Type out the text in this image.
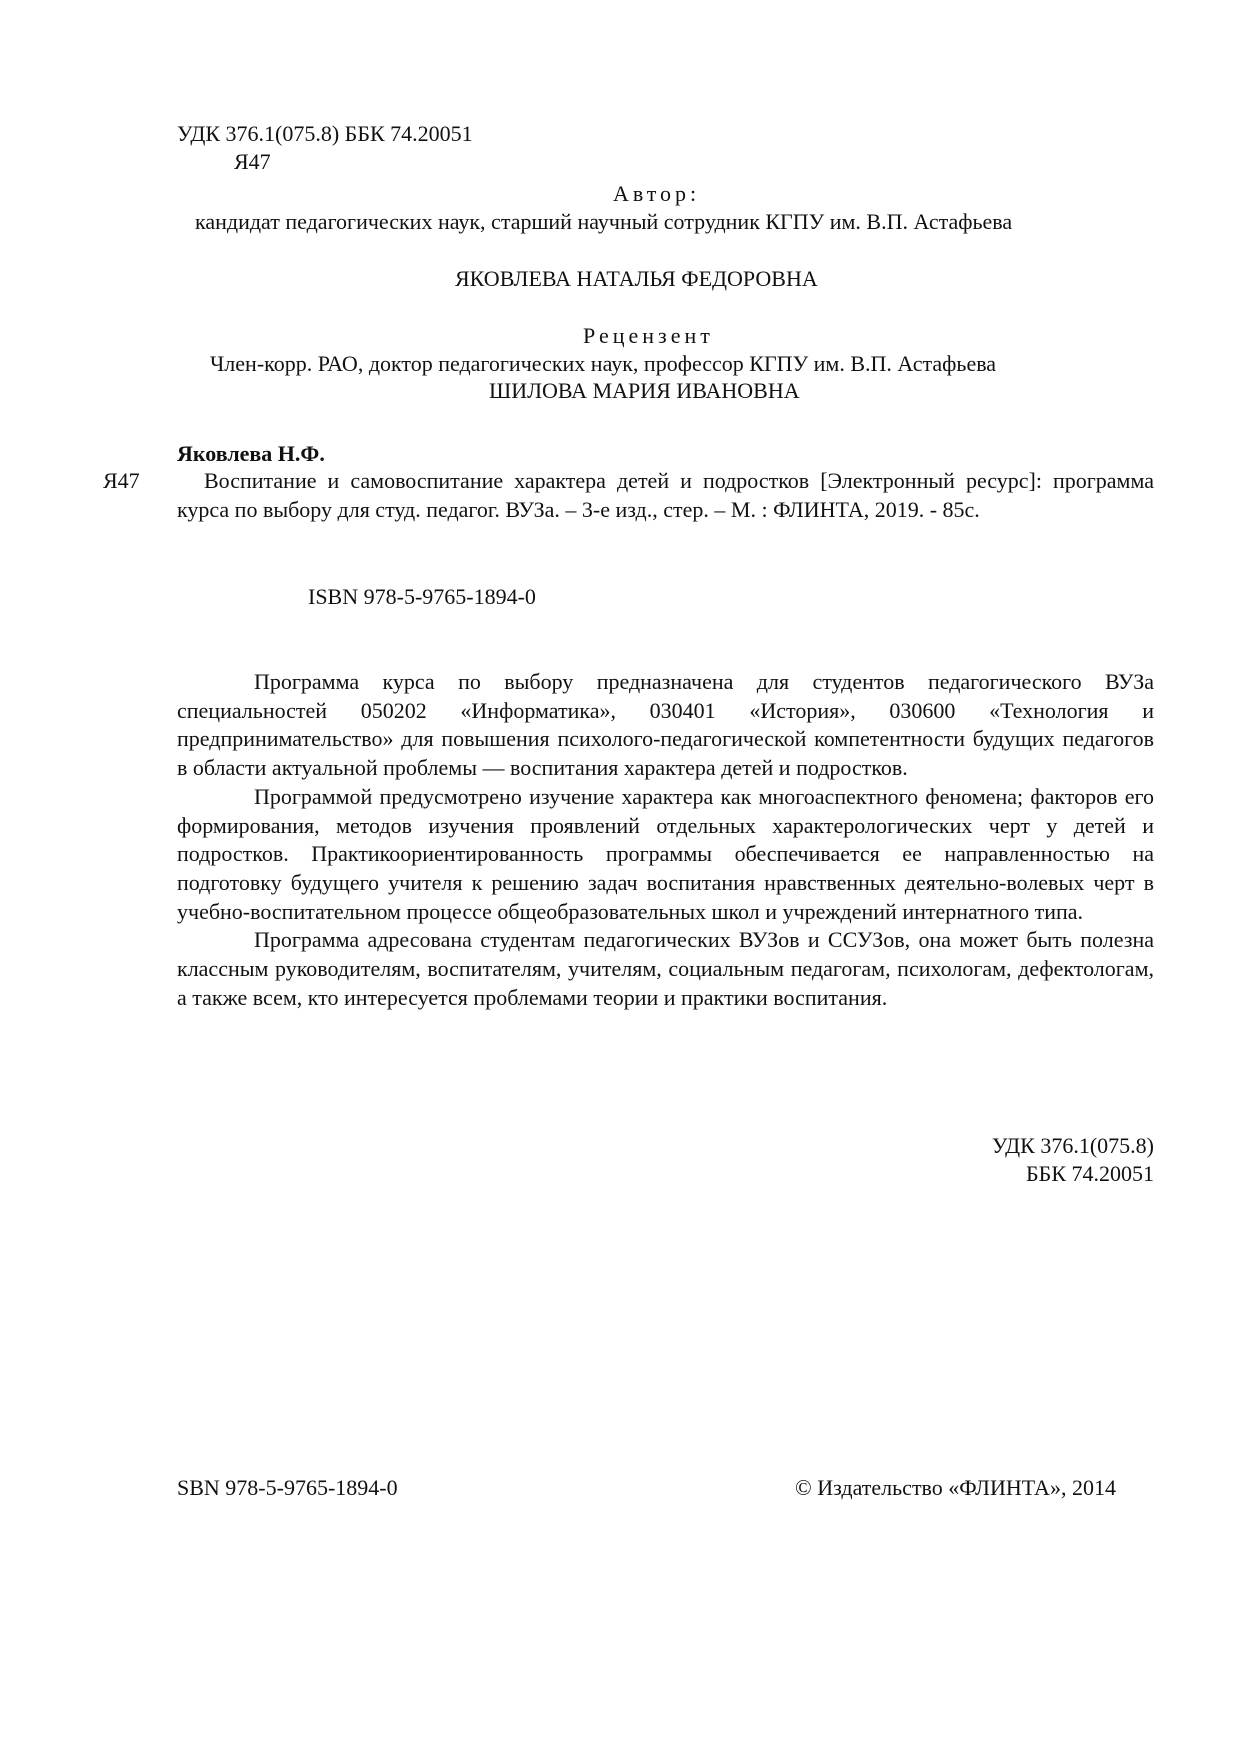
УДК 376.1(075.8) ББК 74.20051
Я47
Автор:
кандидат педагогических наук, старший научный сотрудник КГПУ им. В.П. Астафьева
ЯКОВЛЕВА НАТАЛЬЯ ФЕДОРОВНА
Рецензент
Член-корр. РАО, доктор педагогических наук, профессор КГПУ им. В.П. Астафьева
ШИЛОВА МАРИЯ ИВАНОВНА
Яковлева Н.Ф.
Я47	Воспитание и самовоспитание характера детей и подростков [Электронный ресурс]: программа курса по выбору для студ. педагог. ВУЗа. – 3-е изд., стер. – М. : ФЛИНТА, 2019. - 85с.

ISBN 978-5-9765-1894-0

Программа курса по выбору предназначена для студентов педагогического ВУЗа специальностей 050202 «Информатика», 030401 «История», 030600 «Технология и предпринимательство» для повышения психолого-педагогической компетентности будущих педагогов в области актуальной проблемы — воспитания характера детей и подростков.

Программой предусмотрено изучение характера как многоаспектного феномена; факторов его формирования, методов изучения проявлений отдельных характерологических черт у детей и подростков. Практикоориентированность программы обеспечивается ее направленностью на подготовку будущего учителя к решению задач воспитания нравственных деятельно-волевых черт в учебно-воспитательном процессе общеобразовательных школ и учреждений интернатного типа.

Программа адресована студентам педагогических ВУЗов и ССУЗов, она может быть полезна классным руководителям, воспитателям, учителям, социальным педагогам, психологам, дефектологам, а также всем, кто интересуется проблемами теории и практики воспитания.

УДК 376.1(075.8)
ББК 74.20051
SBN 978-5-9765-1894-0	© Издательство «ФЛИНТА», 2014
